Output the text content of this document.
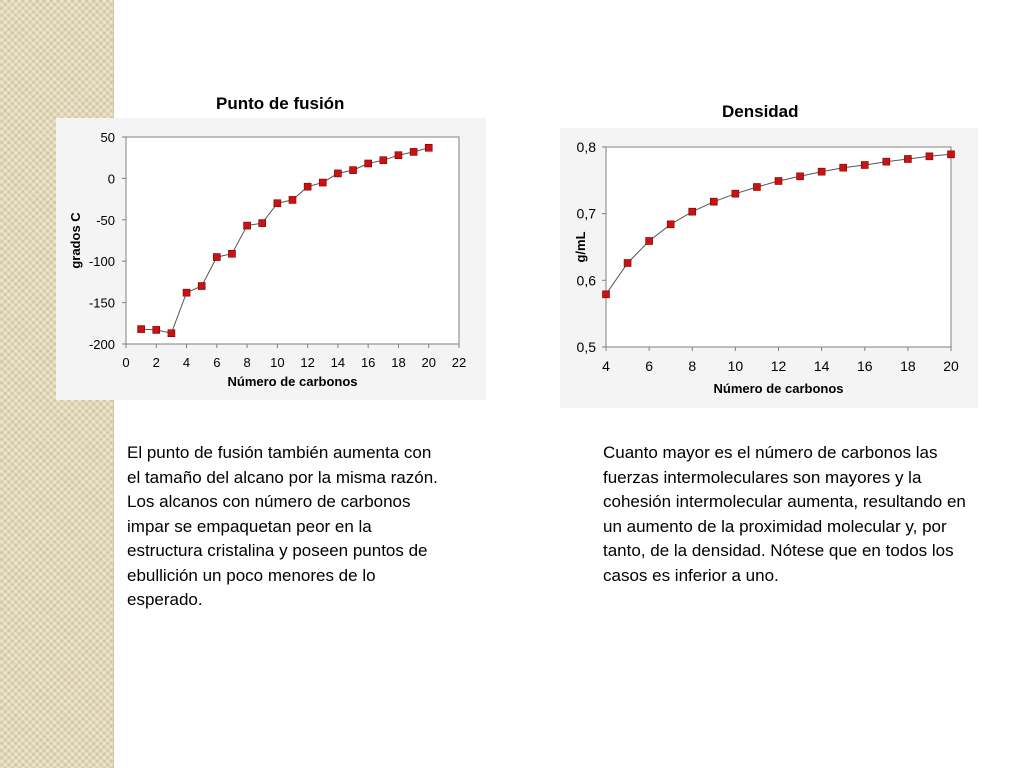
Punto de fusión	Densidad
0 2 4 6 8 10 12 14 16 18 20 22
50
0
-50
-100
-150
-200
Número de carbonos
grados C
4	6	8 10 12 14 16 18 20
0,8
0,7
0,6
0,5
Número de carbonos
g/mL
El punto de fusión también aumenta con el tamaño del alcano por la misma razón. Los alcanos con número de carbonos impar se empaquetan peor en la estructura cristalina y poseen puntos de ebullición un poco menores de lo esperado.
Cuanto mayor es el número de carbonos las fuerzas intermoleculares son mayores y la cohesión intermolecular aumenta, resultando en un aumento de la proximidad molecular y, por tanto, de la densidad. Nótese que en todos los casos es inferior a uno.
